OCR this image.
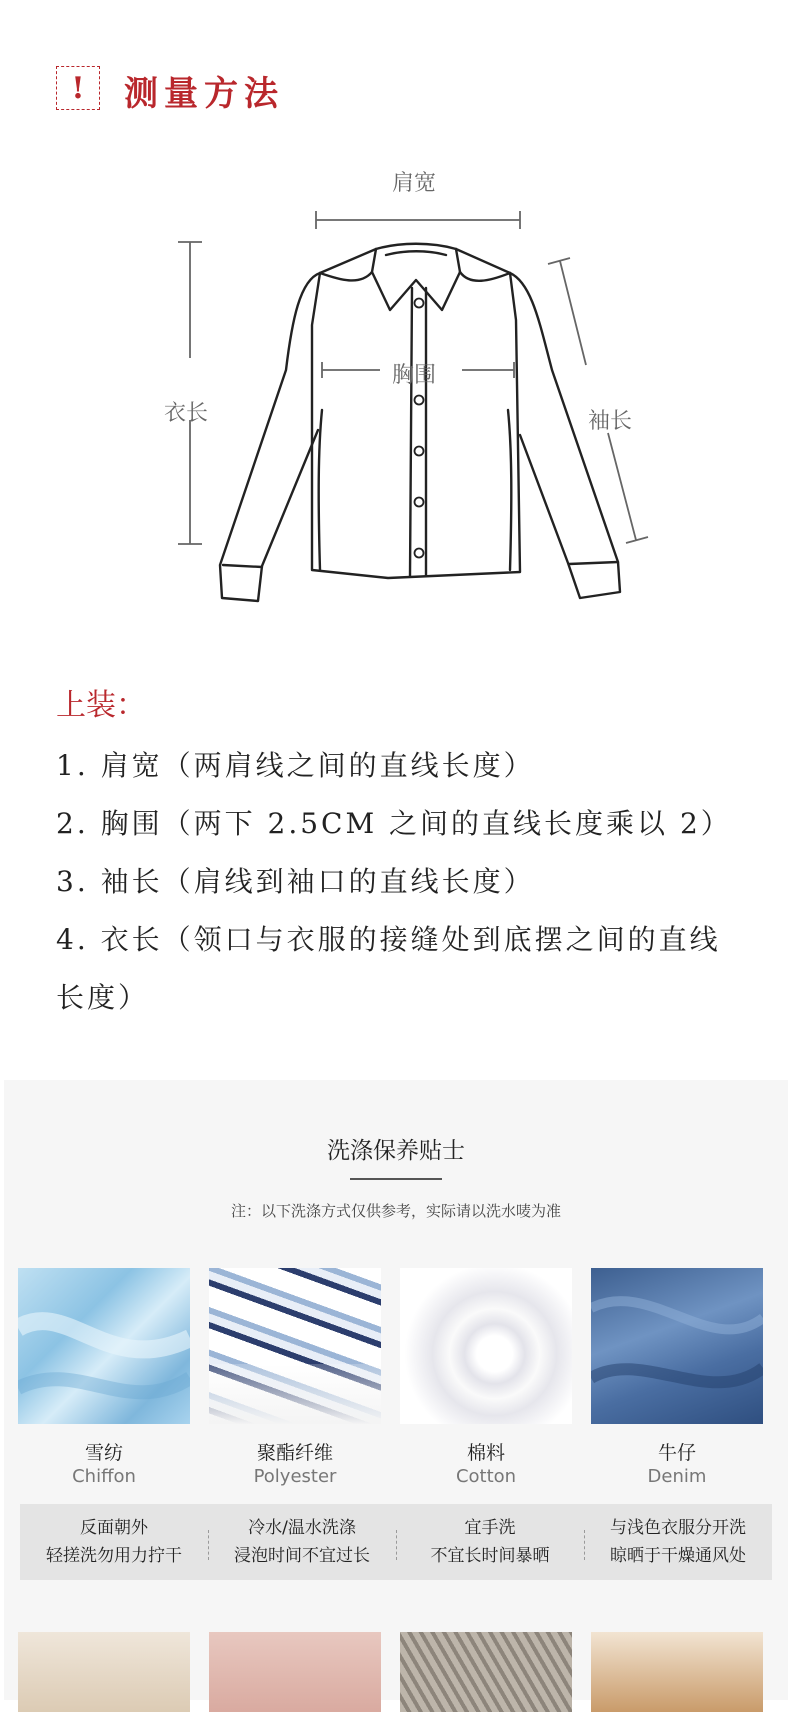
!	测量方法
肩宽
胸围
衣长	袖长
上装：
1. 肩宽（两肩线之间的直线长度）
2. 胸围（两下 2.5CM 之间的直线长度乘以 2）
3. 袖长（肩线到袖口的直线长度）
4. 衣长（领口与衣服的接缝处到底摆之间的直线
长度）
洗涤保养贴士
注：以下洗涤方式仅供参考，实际请以洗水唛为准
雪纺
Chiffon
聚酯纤维
Polyester
棉料
Cotton
牛仔
Denim
反面朝外
轻搓洗勿用力拧干
冷水/温水洗涤
浸泡时间不宜过长
宜手洗
不宜长时间暴晒
与浅色衣服分开洗
晾晒于干燥通风处
